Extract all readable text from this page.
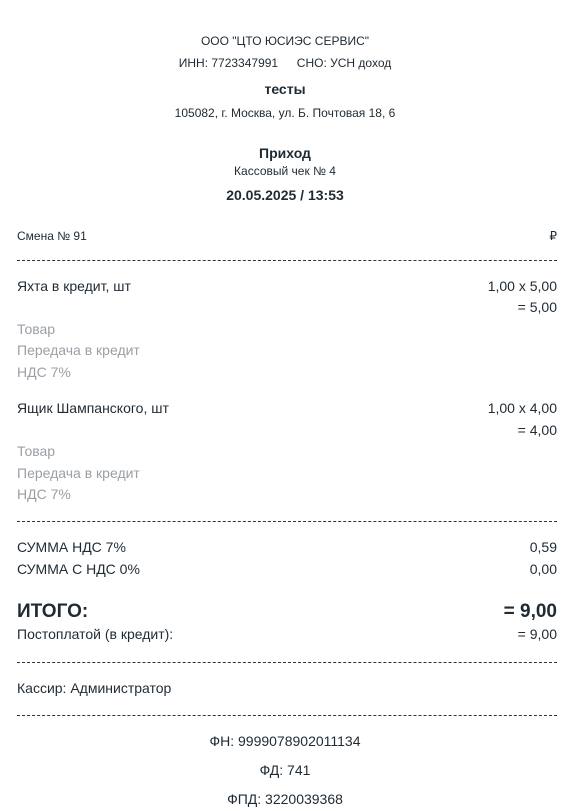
ООО "ЦТО ЮСИЭС СЕРВИС"
ИНН: 7723347991 СНО: УСН доход
тесты
105082, г. Москва, ул. Б. Почтовая 18, 6
Приход
Кассовый чек № 4
20.05.2025 / 13:53
Смена № 91	₽
Яхта в кредит, шт	1,00 x 5,00
= 5,00
Товар
Передача в кредит
НДС 7%
Ящик Шампанского, шт	1,00 x 4,00
= 4,00
Товар
Передача в кредит
НДС 7%
СУММА НДС 7%	0,59
СУММА С НДС 0%	0,00
ИТОГО:	= 9,00
Постоплатой (в кредит):	= 9,00
Кассир: Администратор
ФН: 9999078902011134
ФД: 741
ФПД: 3220039368
